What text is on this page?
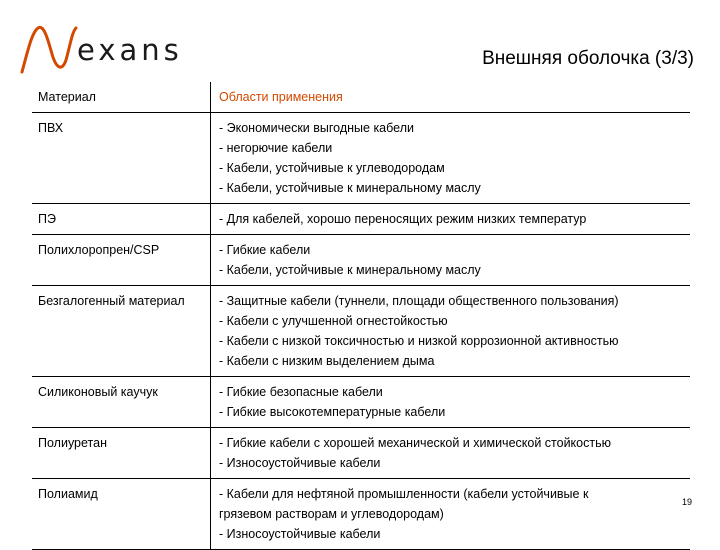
exans	Внешняя оболочка (3/3)
Материал	Области применения
ПВХ	- Экономически выгодные кабели
- негорючие кабели
- Кабели, устойчивые к углеводородам
- Кабели, устойчивые к минеральному маслу
ПЭ	- Для кабелей, хорошо переносящих режим низких температур
Полихлоропрен/CSP	- Гибкие кабели
- Кабели, устойчивые к минеральному маслу
Безгалогенный материал	- Защитные кабели (туннели, площади общественного пользования)
- Кабели с улучшенной огнестойкостью
- Кабели с низкой токсичностью и низкой коррозионной активностью
- Кабели с низким выделением дыма
Силиконовый каучук	- Гибкие безопасные кабели
- Гибкие высокотемпературные кабели
Полиуретан	- Гибкие кабели с хорошей механической и химической стойкостью
- Износоустойчивые кабели
Полиамид	- Кабели для нефтяной промышленности (кабели устойчивые к
грязевом растворам и углеводородам)
- Износоустойчивые кабели
19
